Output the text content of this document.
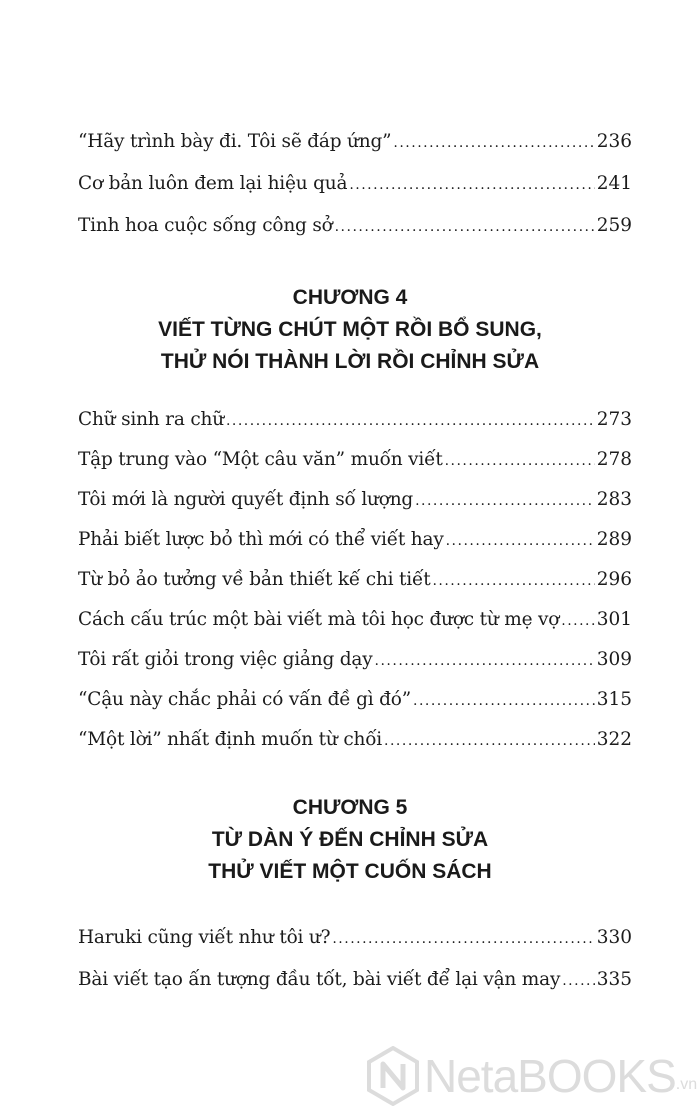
“Hãy trình bày đi. Tôi sẽ đáp ứng” .....	236
Cơ bản luôn đem lại hiệu quả .....	241
Tinh hoa cuộc sống công sở .....	259
CHƯƠNG 4
VIẾT TỪNG CHÚT MỘT RỒI BỔ SUNG,
THỬ NÓI THÀNH LỜI RỒI CHỈNH SỬA
Chữ sinh ra chữ .....	273
Tập trung vào “Một câu văn” muốn viết .....	278
Tôi mới là người quyết định số lượng .....	283
Phải biết lược bỏ thì mới có thể viết hay .....	289
Từ bỏ ảo tưởng về bản thiết kế chi tiết .....	296
Cách cấu trúc một bài viết mà tôi học được từ mẹ vợ ..... 301
Tôi rất giỏi trong việc giảng dạy .....	309
“Cậu này chắc phải có vấn đề gì đó” .....	315
“Một lời” nhất định muốn từ chối .....	322
CHƯƠNG 5
TỪ DÀN Ý ĐẾN CHỈNH SỬA
THỬ VIẾT MỘT CUỐN SÁCH
Haruki cũng viết như tôi ư? .....	330
Bài viết tạo ấn tượng đầu tốt, bài viết để lại vận may ..... 335
NetaBOOKS .vn
